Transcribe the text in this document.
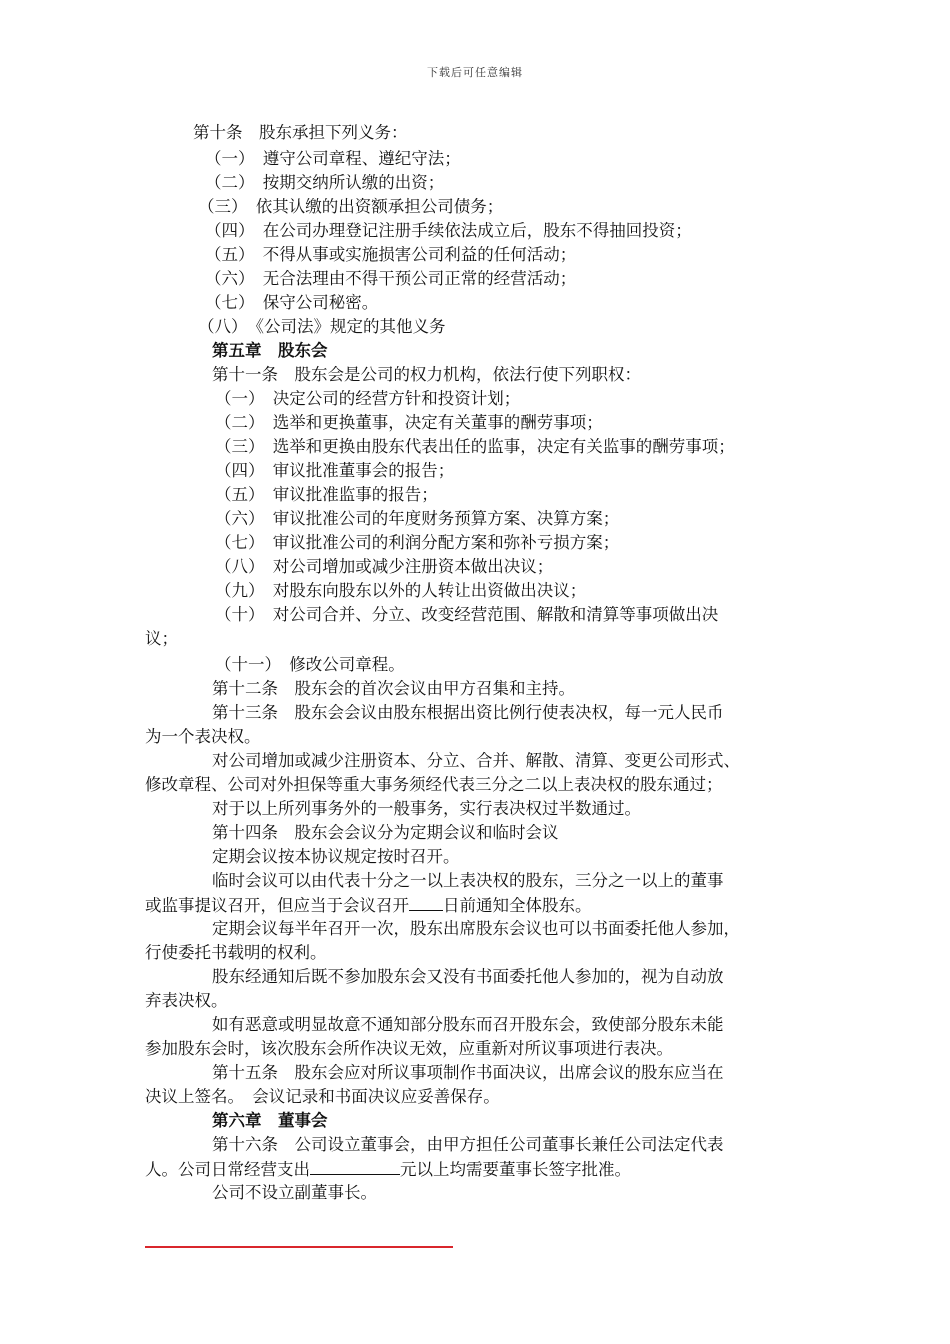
下载后可任意编辑
第十条　股东承担下列义务：
（一）　遵守公司章程、遵纪守法；
（二）　按期交纳所认缴的出资；
（三）　依其认缴的出资额承担公司债务；
（四）　在公司办理登记注册手续依法成立后，股东不得抽回投资；
（五）　不得从事或实施损害公司利益的任何活动；
（六）　无合法理由不得干预公司正常的经营活动；
（七）　保守公司秘密。
（八）　《公司法》规定的其他义务
第五章　股东会
第十一条　股东会是公司的权力机构，依法行使下列职权：
（一）　决定公司的经营方针和投资计划；
（二）　选举和更换董事，决定有关董事的酬劳事项；
（三）　选举和更换由股东代表出任的监事，决定有关监事的酬劳事项；
（四）　审议批准董事会的报告；
（五）　审议批准监事的报告；
（六）　审议批准公司的年度财务预算方案、决算方案；
（七）　审议批准公司的利润分配方案和弥补亏损方案；
（八）　对公司增加或减少注册资本做出决议；
（九）　对股东向股东以外的人转让出资做出决议；
（十）　对公司合并、分立、改变经营范围、解散和清算等事项做出决
议；
（十一）　修改公司章程。
第十二条　股东会的首次会议由甲方召集和主持。
第十三条　股东会会议由股东根据出资比例行使表决权，每一元人民币
为一个表决权。
对公司增加或减少注册资本、分立、合并、解散、清算、变更公司形式、
修改章程、公司对外担保等重大事务须经代表三分之二以上表决权的股东通过；
对于以上所列事务外的一般事务，实行表决权过半数通过。
第十四条　股东会会议分为定期会议和临时会议
定期会议按本协议规定按时召开。
临时会议可以由代表十分之一以上表决权的股东，三分之一以上的董事
或监事提议召开，但应当于会议召开 日前通知全体股东。
定期会议每半年召开一次，股东出席股东会议也可以书面委托他人参加，
行使委托书载明的权利。
股东经通知后既不参加股东会又没有书面委托他人参加的，视为自动放
弃表决权。
如有恶意或明显故意不通知部分股东而召开股东会，致使部分股东未能
参加股东会时，该次股东会所作决议无效，应重新对所议事项进行表决。
第十五条　股东会应对所议事项制作书面决议，出席会议的股东应当在
决议上签名。　会议记录和书面决议应妥善保存。
第六章　董事会
第十六条　公司设立董事会，由甲方担任公司董事长兼任公司法定代表
人。公司日常经营支出	元以上均需要董事长签字批准。
公司不设立副董事长。
